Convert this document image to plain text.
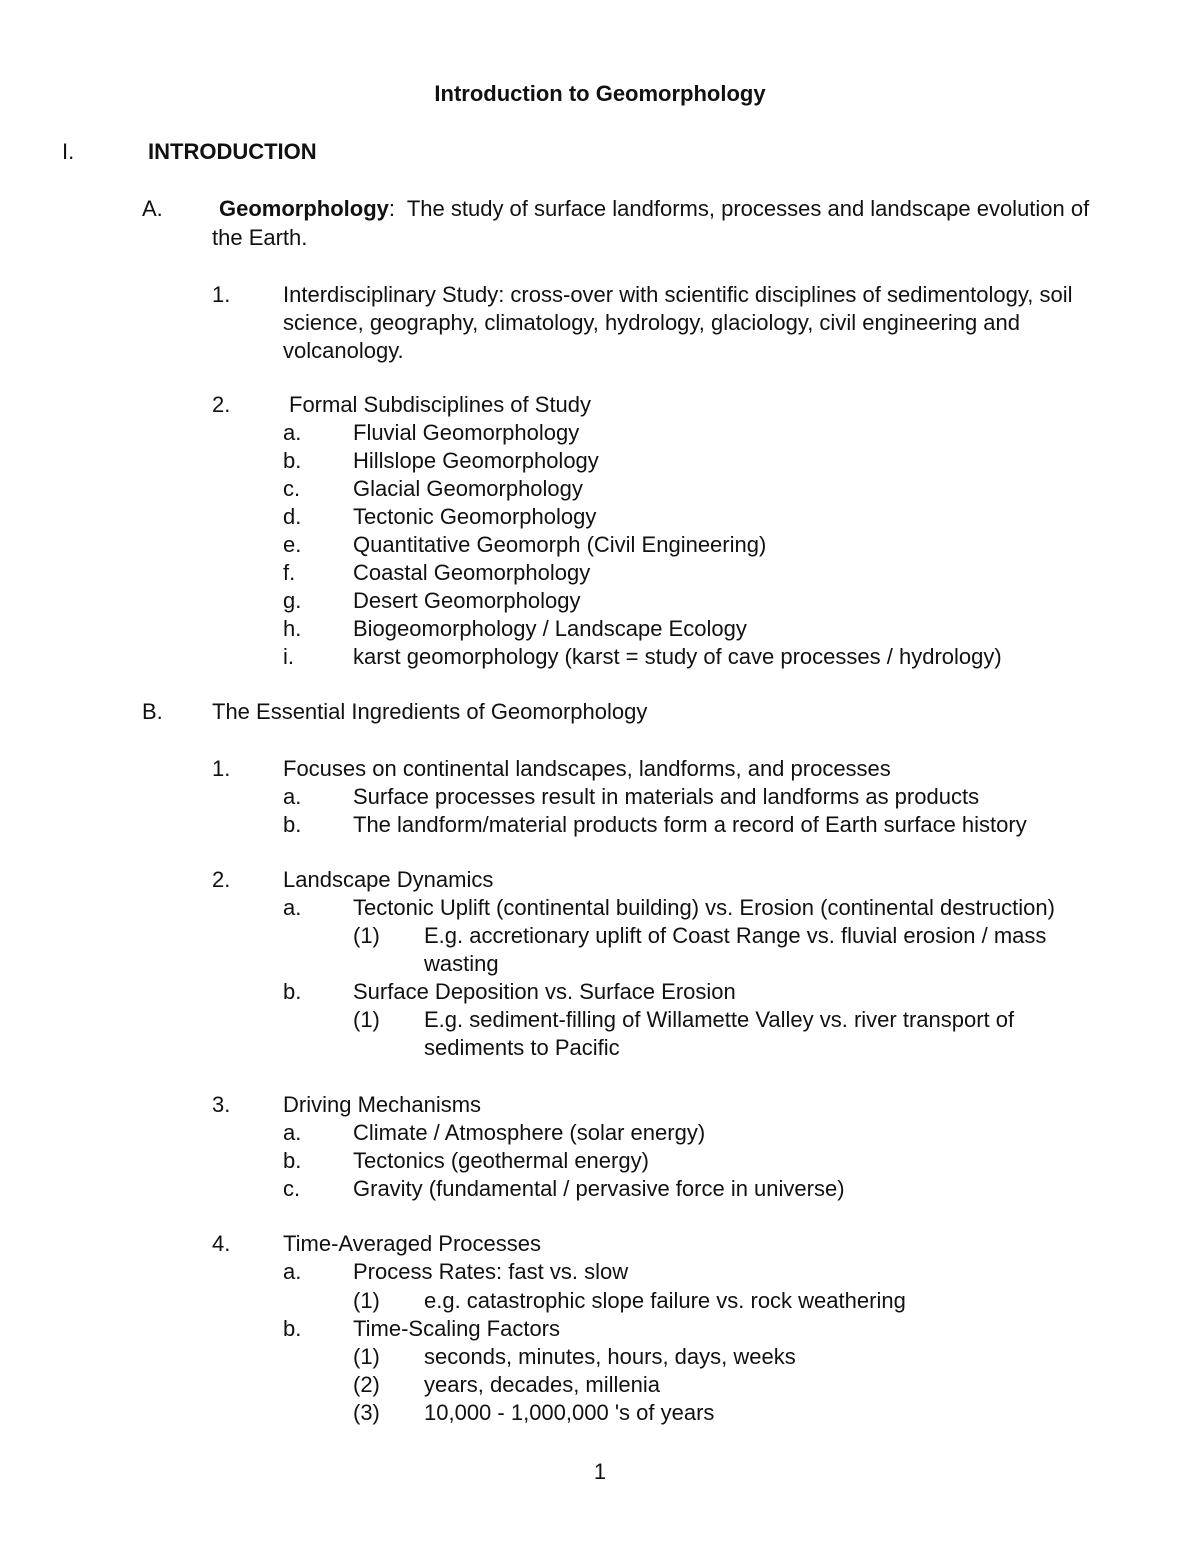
Introduction to Geomorphology
I.	INTRODUCTION
A.	Geomorphology: The study of surface landforms, processes and landscape evolution of
the Earth.
1. Interdisciplinary Study: cross-over with scientific disciplines of sedimentology, soil
science, geography, climatology, hydrology, glaciology, civil engineering and
volcanology.
2.	Formal Subdisciplines of Study
a. Fluvial Geomorphology
b. Hillslope Geomorphology
c. Glacial Geomorphology
d. Tectonic Geomorphology
e. Quantitative Geomorph (Civil Engineering)
f.	Coastal Geomorphology
g. Desert Geomorphology
h. Biogeomorphology / Landscape Ecology
i.	karst geomorphology (karst = study of cave processes / hydrology)
B. The Essential Ingredients of Geomorphology
1. Focuses on continental landscapes, landforms, and processes
a. Surface processes result in materials and landforms as products
b. The landform/material products form a record of Earth surface history
2. Landscape Dynamics
a. Tectonic Uplift (continental building) vs. Erosion (continental destruction)
(1) E.g. accretionary uplift of Coast Range vs. fluvial erosion / mass
wasting
b. Surface Deposition vs. Surface Erosion
(1) E.g. sediment-filling of Willamette Valley vs. river transport of
sediments to Pacific
3. Driving Mechanisms
a. Climate / Atmosphere (solar energy)
b. Tectonics (geothermal energy)
c. Gravity (fundamental / pervasive force in universe)
4. Time-Averaged Processes
a. Process Rates: fast vs. slow
(1) e.g. catastrophic slope failure vs. rock weathering
b. Time-Scaling Factors
(1) seconds, minutes, hours, days, weeks
(2) years, decades, millenia
(3) 10,000 - 1,000,000 's of years
1
